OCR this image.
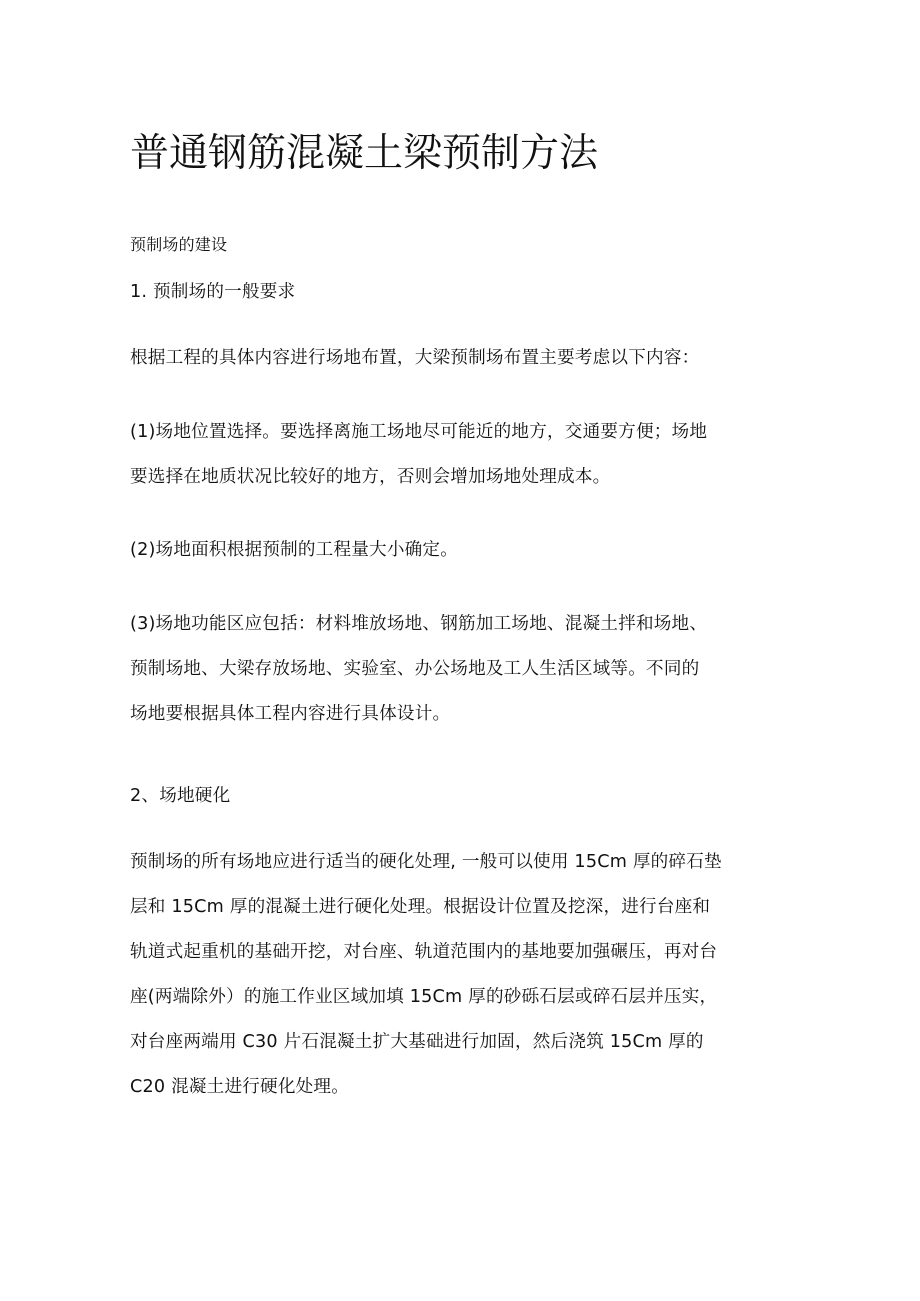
普通钢筋混凝土梁预制方法

预制场的建设

1. 预制场的一般要求

根据工程的具体内容进行场地布置，大梁预制场布置主要考虑以下内容：

(1)场地位置选择。要选择离施工场地尽可能近的地方，交通要方便；场地
要选择在地质状况比较好的地方，否则会增加场地处理成本。

(2)场地面积根据预制的工程量大小确定。

(3)场地功能区应包括：材料堆放场地、钢筋加工场地、混凝土拌和场地、
预制场地、大梁存放场地、实验室、办公场地及工人生活区域等。不同的
场地要根据具体工程内容进行具体设计。

2、场地硬化

预制场的所有场地应进行适当的硬化处理, 一般可以使用 15Cm 厚的碎石垫
层和 15Cm 厚的混凝土进行硬化处理。根据设计位置及挖深，进行台座和
轨道式起重机的基础开挖，对台座、轨道范围内的基地要加强碾压，再对台
座(两端除外）的施工作业区域加填 15Cm 厚的砂砾石层或碎石层并压实，
对台座两端用 C30 片石混凝土扩大基础进行加固，然后浇筑 15Cm 厚的
C20 混凝土进行硬化处理。
